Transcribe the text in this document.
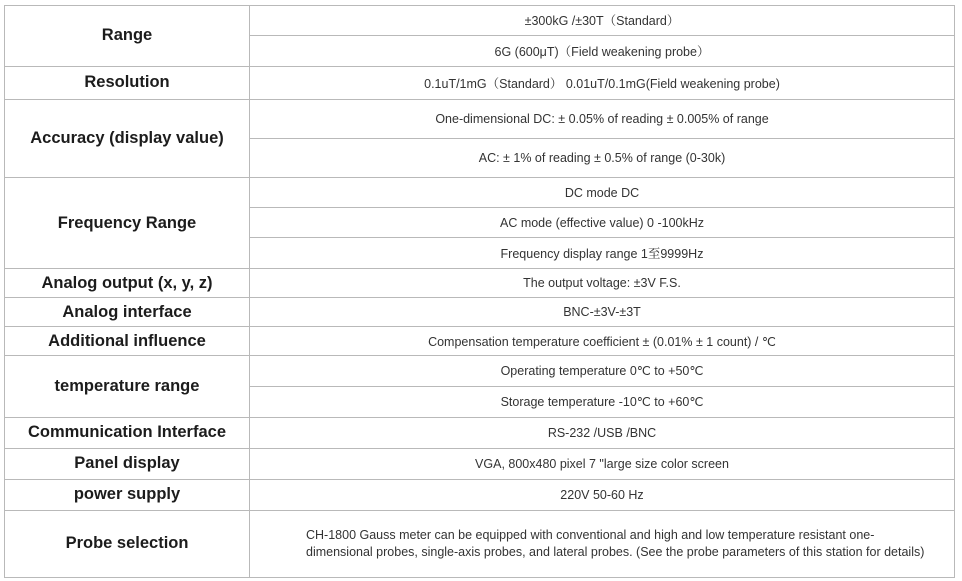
Range	±300kG /±30T（Standard）
	6G (600μT)（Field weakening probe）
Resolution	0.1uT/1mG（Standard） 0.01uT/0.1mG(Field weakening probe)
Accuracy (display value)	One-dimensional DC: ± 0.05% of reading ± 0.005% of range
	AC: ± 1% of reading ± 0.5% of range (0-30k)
Frequency Range	DC mode DC
	AC mode (effective value) 0 -100kHz
	Frequency display range 1至9999Hz
Analog output (x, y, z)	The output voltage: ±3V F.S.
Analog interface	BNC-±3V-±3T
Additional influence	Compensation temperature coefficient ± (0.01% ± 1 count) / ℃
temperature range	Operating temperature 0℃ to +50℃
	Storage temperature -10℃ to +60℃
Communication Interface	RS-232 /USB /BNC
Panel display	VGA, 800x480 pixel 7 "large size color screen
power supply	220V 50-60 Hz
Probe selection	CH-1800 Gauss meter can be equipped with conventional and high and low temperature resistant one-dimensional probes, single-axis probes, and lateral probes. (See the probe parameters of this station for details)
